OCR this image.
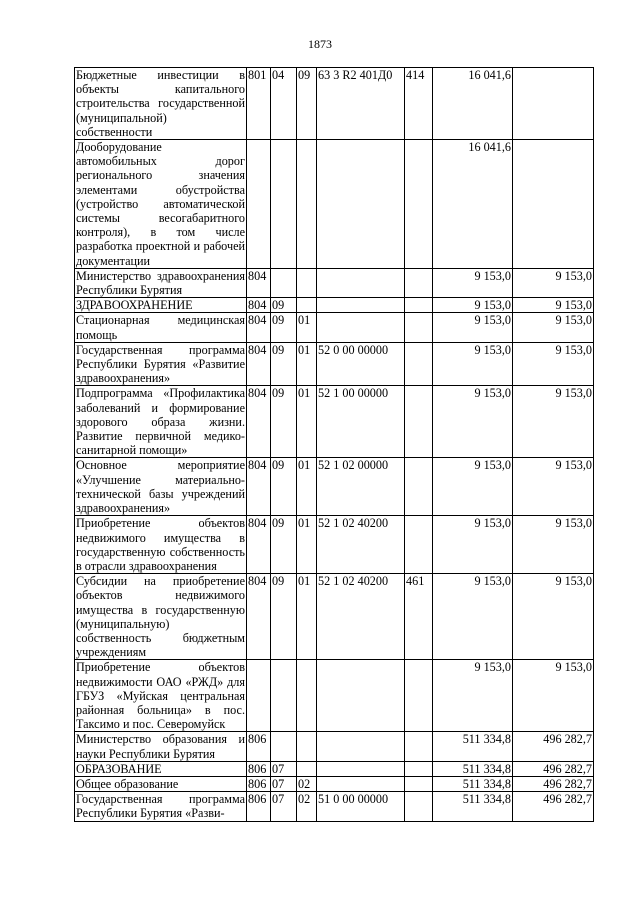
1873
Бюджетные инвестиции в объекты капитального строительства государственной (муниципальной) собственности	801	04	09	63 3 R2 401Д0	414	16 041,6	
Дооборудование автомобильных дорог регионального значения элементами обустройства (устройство автоматической системы весогабаритного контроля), в том числе разработка проектной и рабочей документации						16 041,6	
Министерство здравоохранения Республики Бурятия	804					9 153,0	9 153,0
ЗДРАВООХРАНЕНИЕ	804	09				9 153,0	9 153,0
Стационарная медицинская помощь	804	09	01			9 153,0	9 153,0
Государственная программа Республики Бурятия «Развитие здравоохранения»	804	09	01	52 0 00 00000		9 153,0	9 153,0
Подпрограмма «Профилактика заболеваний и формирование здорового образа жизни. Развитие первичной медико-санитарной помощи»	804	09	01	52 1 00 00000		9 153,0	9 153,0
Основное мероприятие «Улучшение материально-технической базы учреждений здравоохранения»	804	09	01	52 1 02 00000		9 153,0	9 153,0
Приобретение объектов недвижимого имущества в государственную собственность в отрасли здравоохранения	804	09	01	52 1 02 40200		9 153,0	9 153,0
Субсидии на приобретение объектов недвижимого имущества в государственную (муниципальную) собственность бюджетным учреждениям	804	09	01	52 1 02 40200	461	9 153,0	9 153,0
Приобретение объектов недвижимости ОАО «РЖД» для ГБУЗ «Муйская центральная районная больница» в пос. Таксимо и пос. Северомуйск						9 153,0	9 153,0
Министерство образования и науки Республики Бурятия	806					511 334,8	496 282,7
ОБРАЗОВАНИЕ	806	07				511 334,8	496 282,7
Общее образование	806	07	02			511 334,8	496 282,7
Государственная программа Республики Бурятия «Разви-	806	07	02	51 0 00 00000		511 334,8	496 282,7
